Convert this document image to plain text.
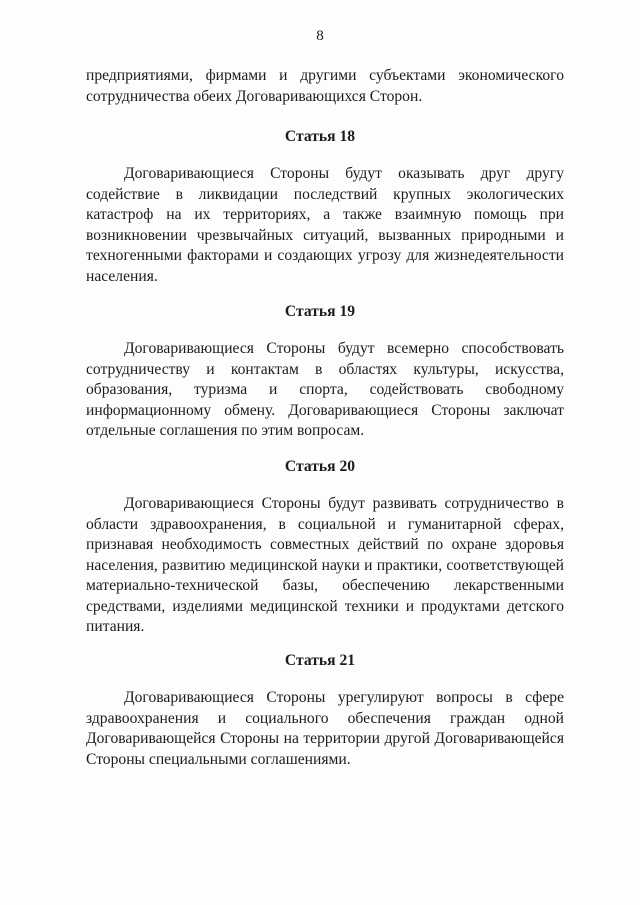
8

предприятиями, фирмами и другими субъектами экономического сотрудничества обеих Договаривающихся Сторон.

Статья 18

Договаривающиеся Стороны будут оказывать друг другу содействие в ликвидации последствий крупных экологических катастроф на их территориях, а также взаимную помощь при возникновении чрезвычайных ситуаций, вызванных природными и техногенными факторами и создающих угрозу для жизнедеятельности населения.

Статья 19

Договаривающиеся Стороны будут всемерно способствовать сотрудничеству и контактам в областях культуры, искусства, образования, туризма и спорта, содействовать свободному информационному обмену. Договаривающиеся Стороны заключат отдельные соглашения по этим вопросам.

Статья 20

Договаривающиеся Стороны будут развивать сотрудничество в области здравоохранения, в социальной и гуманитарной сферах, признавая необходимость совместных действий по охране здоровья населения, развитию медицинской науки и практики, соответствующей материально-технической базы, обеспечению лекарственными средствами, изделиями медицинской техники и продуктами детского питания.

Статья 21

Договаривающиеся Стороны урегулируют вопросы в сфере здравоохранения и социального обеспечения граждан одной Договаривающейся Стороны на территории другой Договаривающейся Стороны специальными соглашениями.
